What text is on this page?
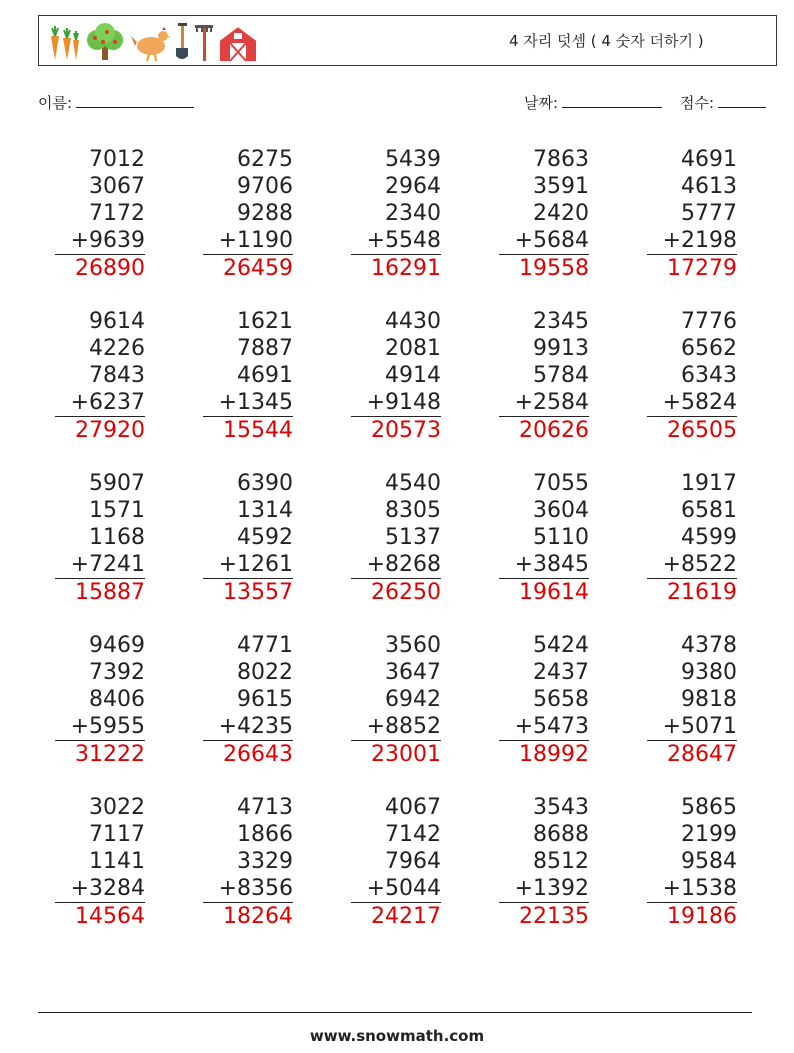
4 자리 덧셈 ( 4 숫자 더하기 )
이름:	날짜:	점수:
7012
3067
7172
+9639
26890
6275
9706
9288
+1190
26459
5439
2964
2340
+5548
16291
7863
3591
2420
+5684
19558
4691
4613
5777
+2198
17279
9614
4226
7843
+6237
27920
1621
7887
4691
+1345
15544
4430
2081
4914
+9148
20573
2345
9913
5784
+2584
20626
7776
6562
6343
+5824
26505
5907
1571
1168
+7241
15887
6390
1314
4592
+1261
13557
4540
8305
5137
+8268
26250
7055
3604
5110
+3845
19614
1917
6581
4599
+8522
21619
9469
7392
8406
+5955
31222
4771
8022
9615
+4235
26643
3560
3647
6942
+8852
23001
5424
2437
5658
+5473
18992
4378
9380
9818
+5071
28647
3022
7117
1141
+3284
14564
4713
1866
3329
+8356
18264
4067
7142
7964
+5044
24217
3543
8688
8512
+1392
22135
5865
2199
9584
+1538
19186
www.snowmath.com
